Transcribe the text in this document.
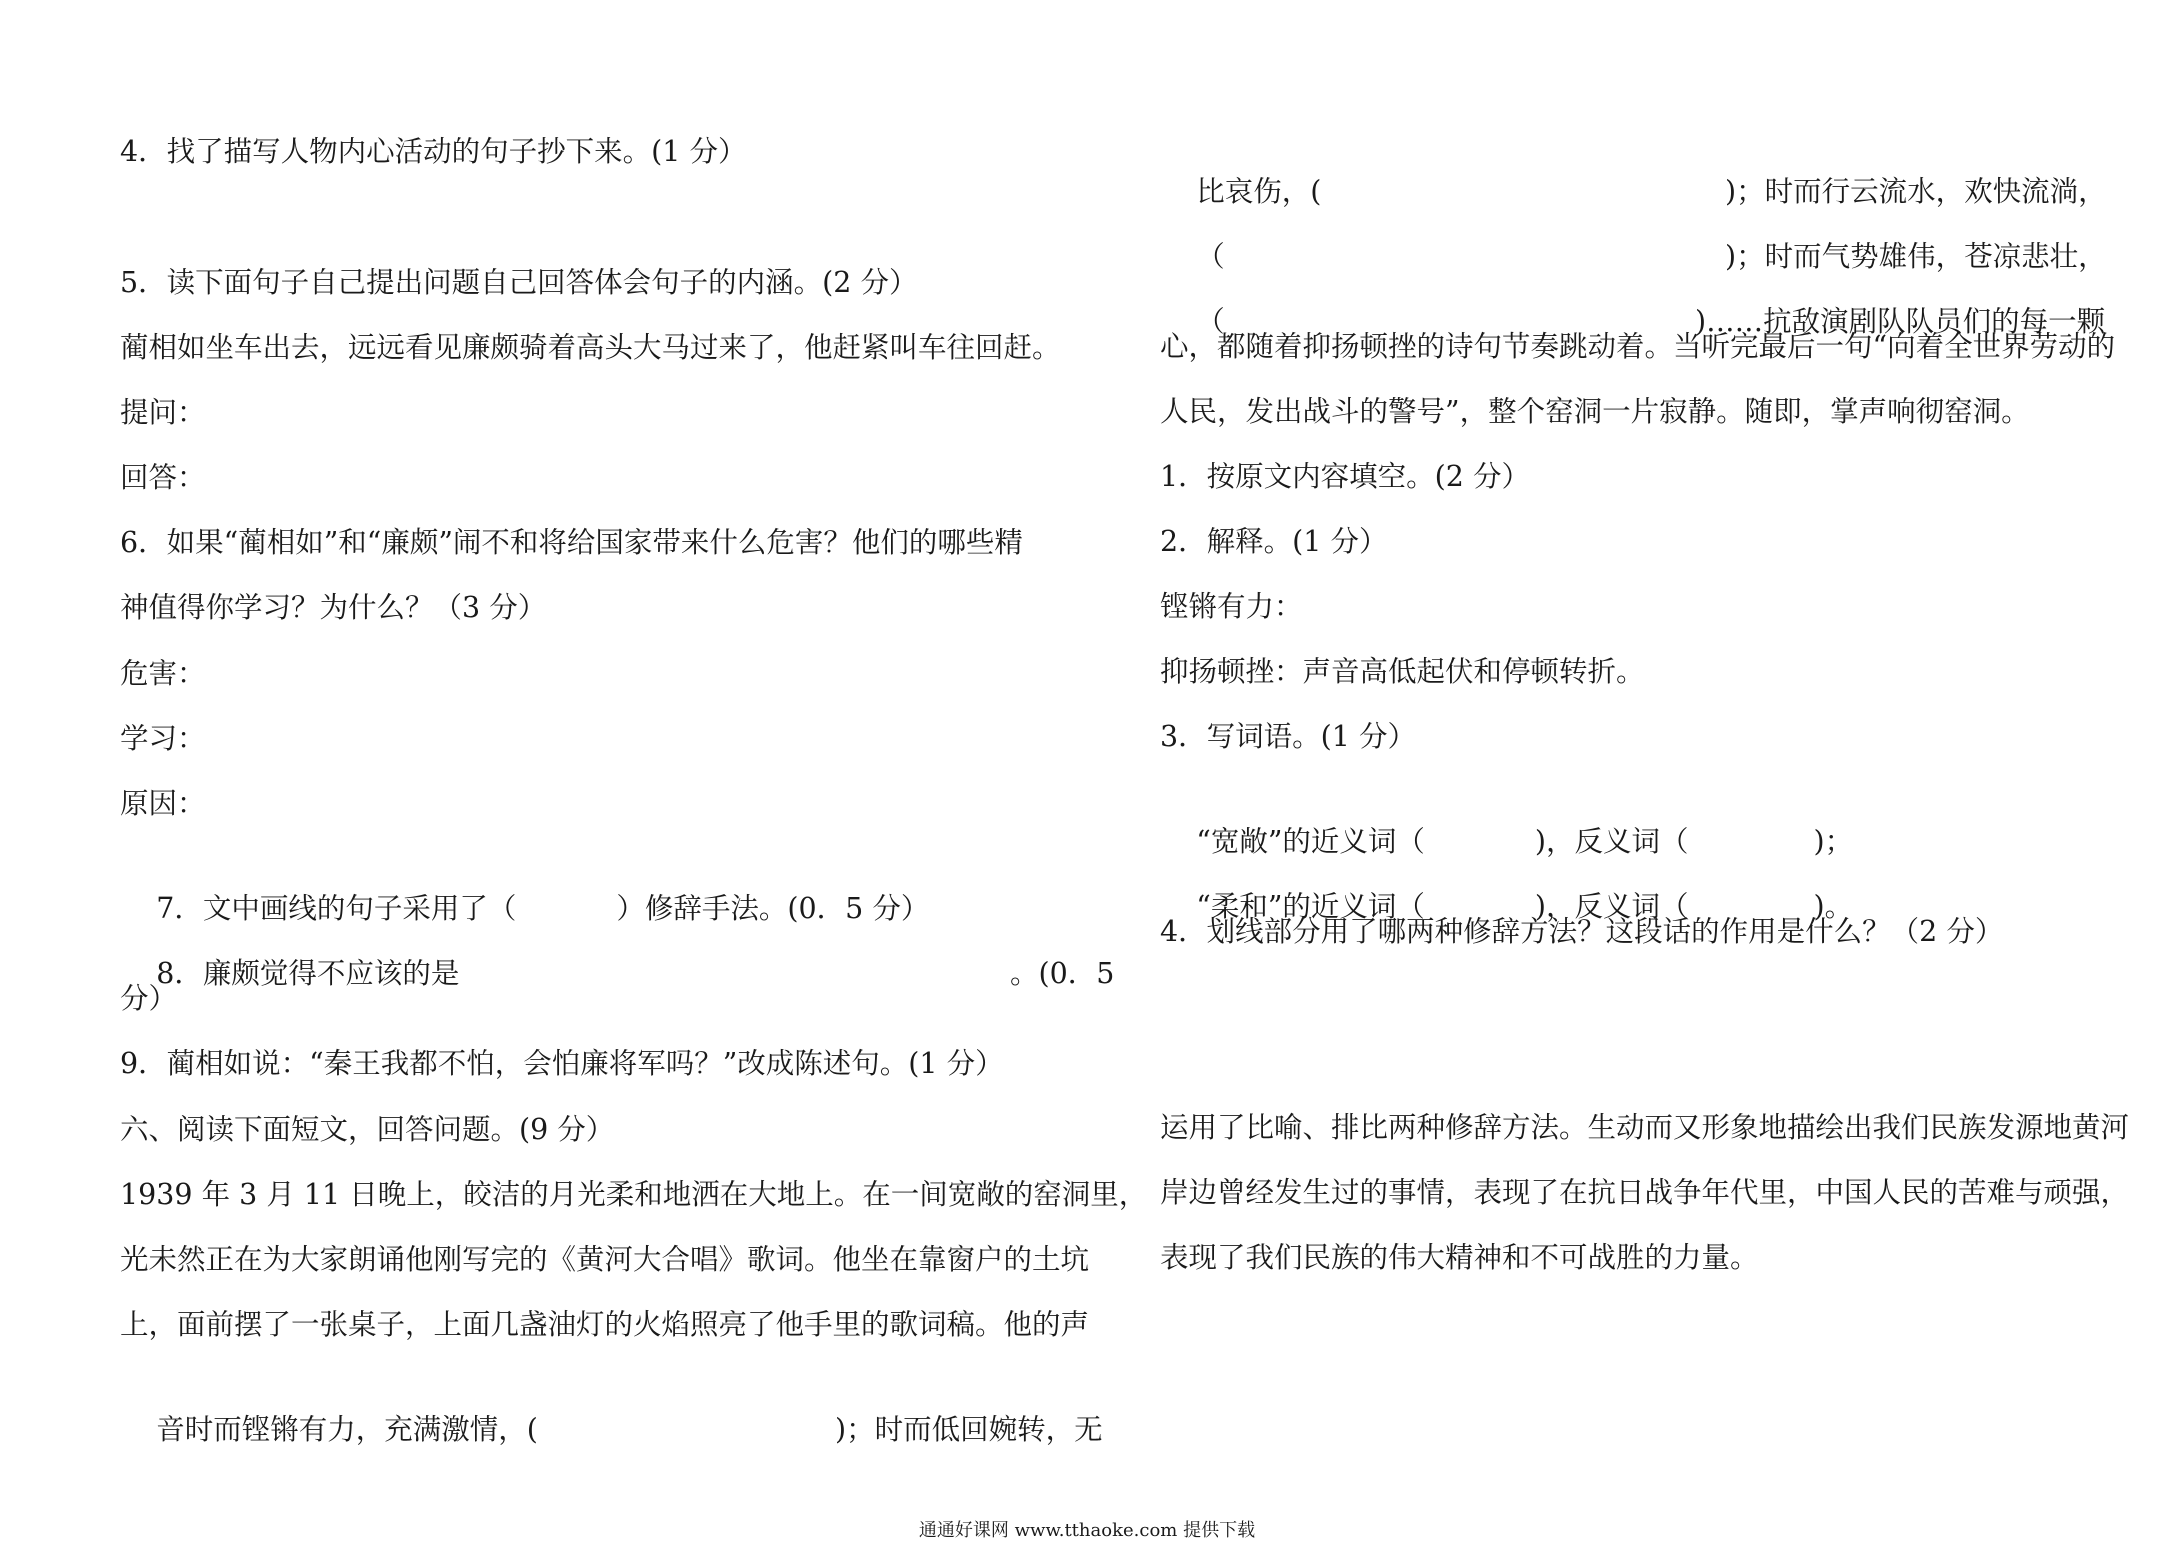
4．找了描写人物内心活动的句子抄下来。(1 分）
5．读下面句子自己提出问题自己回答体会句子的内涵。(2 分）
蔺相如坐车出去，远远看见廉颇骑着高头大马过来了，他赶紧叫车往回赶。
提问：
回答：
6．如果“蔺相如”和“廉颇”闹不和将给国家带来什么危害？他们的哪些精
神值得你学习？为什么？（3 分）
危害：
学习：
原因：

7．文中画线的句子采用了（	）修辞手法。(0．5 分）

8．廉颇觉得不应该的是	。(0．5

分）
9．蔺相如说：“秦王我都不怕，会怕廉将军吗？”改成陈述句。(1 分）
六、阅读下面短文，回答问题。(9 分）
1939 年 3 月 11 日晚上，皎洁的月光柔和地洒在大地上。在一间宽敞的窑洞里，
光未然正在为大家朗诵他刚写完的《黄河大合唱》歌词。他坐在靠窗户的土坑
上，面前摆了一张桌子，上面几盏油灯的火焰照亮了他手里的歌词稿。他的声

音时而铿锵有力，充满激情，(	)；时而低回婉转，无

比哀伤，(	)；时而行云流水，欢快流淌，

（	)；时而气势雄伟，苍凉悲壮，

（	)……抗敌演剧队队员们的每一颗

心，都随着抑扬顿挫的诗句节奏跳动着。当听完最后一句“向着全世界劳动的
人民，发出战斗的警号”，整个窑洞一片寂静。随即，掌声响彻窑洞。
1．按原文内容填空。(2 分）
2．解释。(1 分）
铿锵有力：
抑扬顿挫：声音高低起伏和停顿转折。
3．写词语。(1 分）

“宽敞”的近义词（	)，反义词（	)；

“柔和”的近义词（	)，反义词（	)。

4．划线部分用了哪两种修辞方法？这段话的作用是什么？（2 分）
运用了比喻、排比两种修辞方法。生动而又形象地描绘出我们民族发源地黄河
岸边曾经发生过的事情，表现了在抗日战争年代里，中国人民的苦难与顽强，
表现了我们民族的伟大精神和不可战胜的力量。
通通好课网 www.tthaoke.com 提供下载
